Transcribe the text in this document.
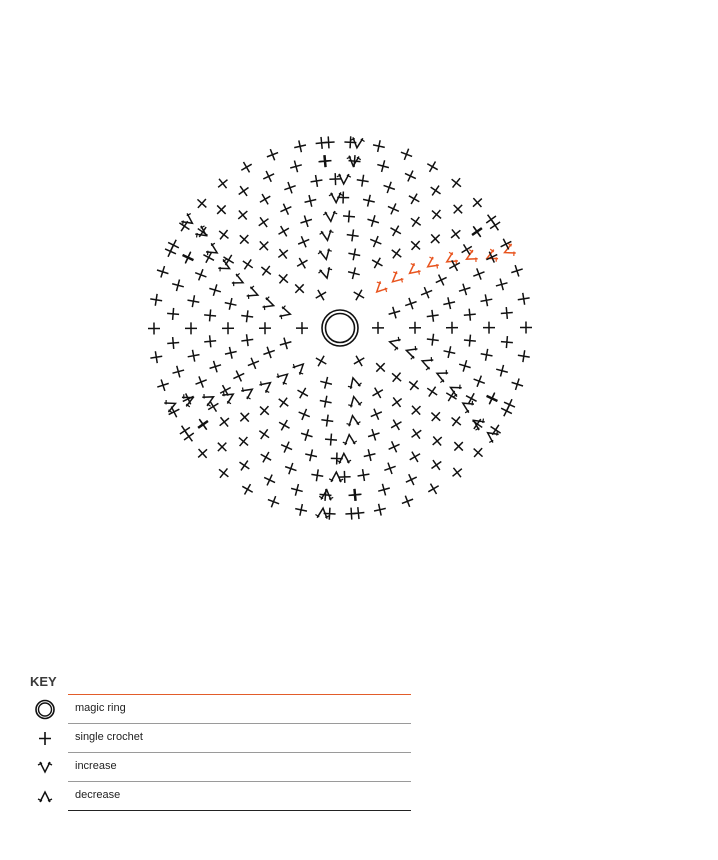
KEY
magic ring
single crochet
increase
decrease
